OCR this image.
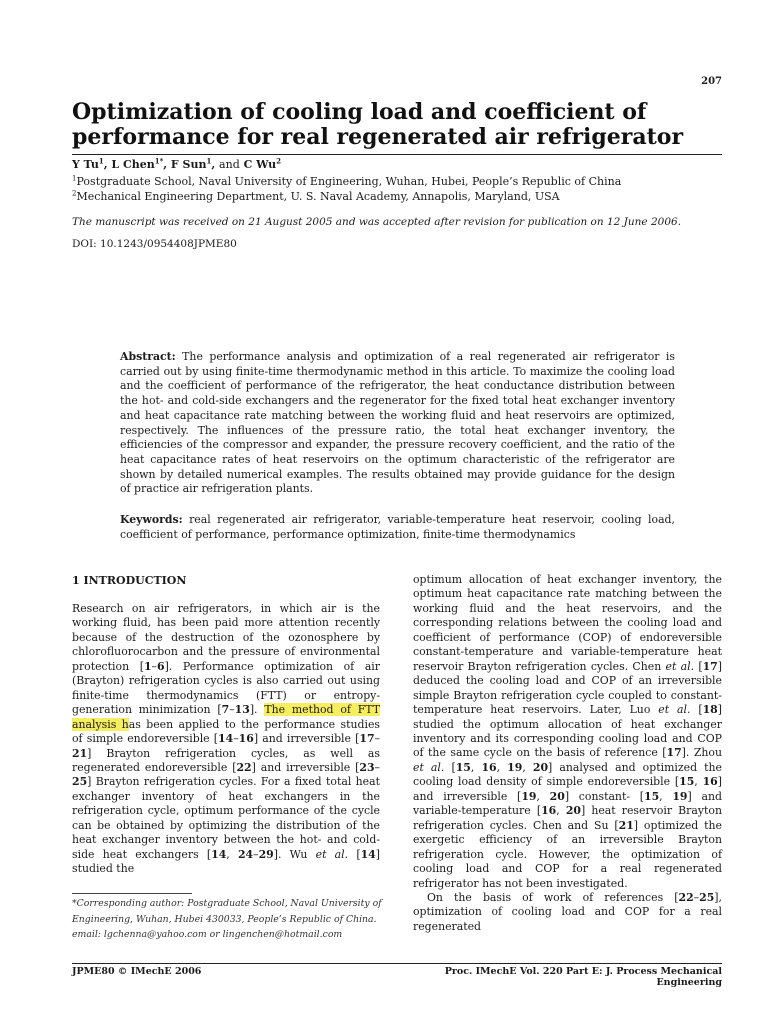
207
Optimization of cooling load and coefficient of performance for real regenerated air refrigerator
Y Tu$^1$, L Chen$^{1*}$, F Sun$^1$, and C Wu$^2$
$^1$Postgraduate School, Naval University of Engineering, Wuhan, Hubei, People’s Republic of China
$^2$Mechanical Engineering Department, U. S. Naval Academy, Annapolis, Maryland, USA
The manuscript was received on 21 August 2005 and was accepted after revision for publication on 12 June 2006.
DOI: 10.1243/0954408JPME80

Abstract: The performance analysis and optimization of a real regenerated air refrigerator is carried out by using finite-time thermodynamic method in this article. To maximize the cooling load and the coefficient of performance of the refrigerator, the heat conductance distribution between the hot- and cold-side exchangers and the regenerator for the fixed total heat exchanger inventory and heat capacitance rate matching between the working fluid and heat reservoirs are optimized, respectively. The influences of the pressure ratio, the total heat exchanger inventory, the efficiencies of the compressor and expander, the pressure recovery coefficient, and the ratio of the heat capacitance rates of heat reservoirs on the optimum characteristic of the refrigerator are shown by detailed numerical examples. The results obtained may provide guidance for the design of practice air refrigeration plants.

Keywords: real regenerated air refrigerator, variable-temperature heat reservoir, cooling load, coefficient of performance, performance optimization, finite-time thermodynamics

1 INTRODUCTION

Research on air refrigerators, in which air is the working fluid, has been paid more attention recently because of the destruction of the ozonosphere by chlorofluorocarbon and the pressure of environmental protection [1–6]. Performance optimization of air (Brayton) refrigeration cycles is also carried out using finite-time thermodynamics (FTT) or entropy-generation minimization [7–13]. The method of FTT analysis has been applied to the performance studies of simple endoreversible [14–16] and irreversible [17–21] Brayton refrigeration cycles, as well as regenerated endoreversible [22] and irreversible [23–25] Brayton refrigeration cycles. For a fixed total heat exchanger inventory of heat exchangers in the refrigeration cycle, optimum performance of the cycle can be obtained by optimizing the distribution of the heat exchanger inventory between the hot- and cold-side heat exchangers [14, 24–29]. Wu et al. [14] studied the

optimum allocation of heat exchanger inventory, the optimum heat capacitance rate matching between the working fluid and the heat reservoirs, and the corresponding relations between the cooling load and coefficient of performance (COP) of endoreversible constant-temperature and variable-temperature heat reservoir Brayton refrigeration cycles. Chen et al. [17] deduced the cooling load and COP of an irreversible simple Brayton refrigeration cycle coupled to constant-temperature heat reservoirs. Later, Luo et al. [18] studied the optimum allocation of heat exchanger inventory and its corresponding cooling load and COP of the same cycle on the basis of reference [17]. Zhou et al. [15, 16, 19, 20] analysed and optimized the cooling load density of simple endoreversible [15, 16] and irreversible [19, 20] constant- [15, 19] and variable-temperature [16, 20] heat reservoir Brayton refrigeration cycles. Chen and Su [21] optimized the exergetic efficiency of an irreversible Brayton refrigeration cycle. However, the optimization of cooling load and COP for a real regenerated refrigerator has not been investigated.

On the basis of work of references [22–25], optimization of cooling load and COP for a real regenerated

*Corresponding author: Postgraduate School, Naval University of Engineering, Wuhan, Hubei 430033, People’s Republic of China. email: lgchenna@yahoo.com or lingenchen@hotmail.com

JPME80 © IMechE 2006	Proc. IMechE Vol. 220 Part E: J. Process Mechanical Engineering
